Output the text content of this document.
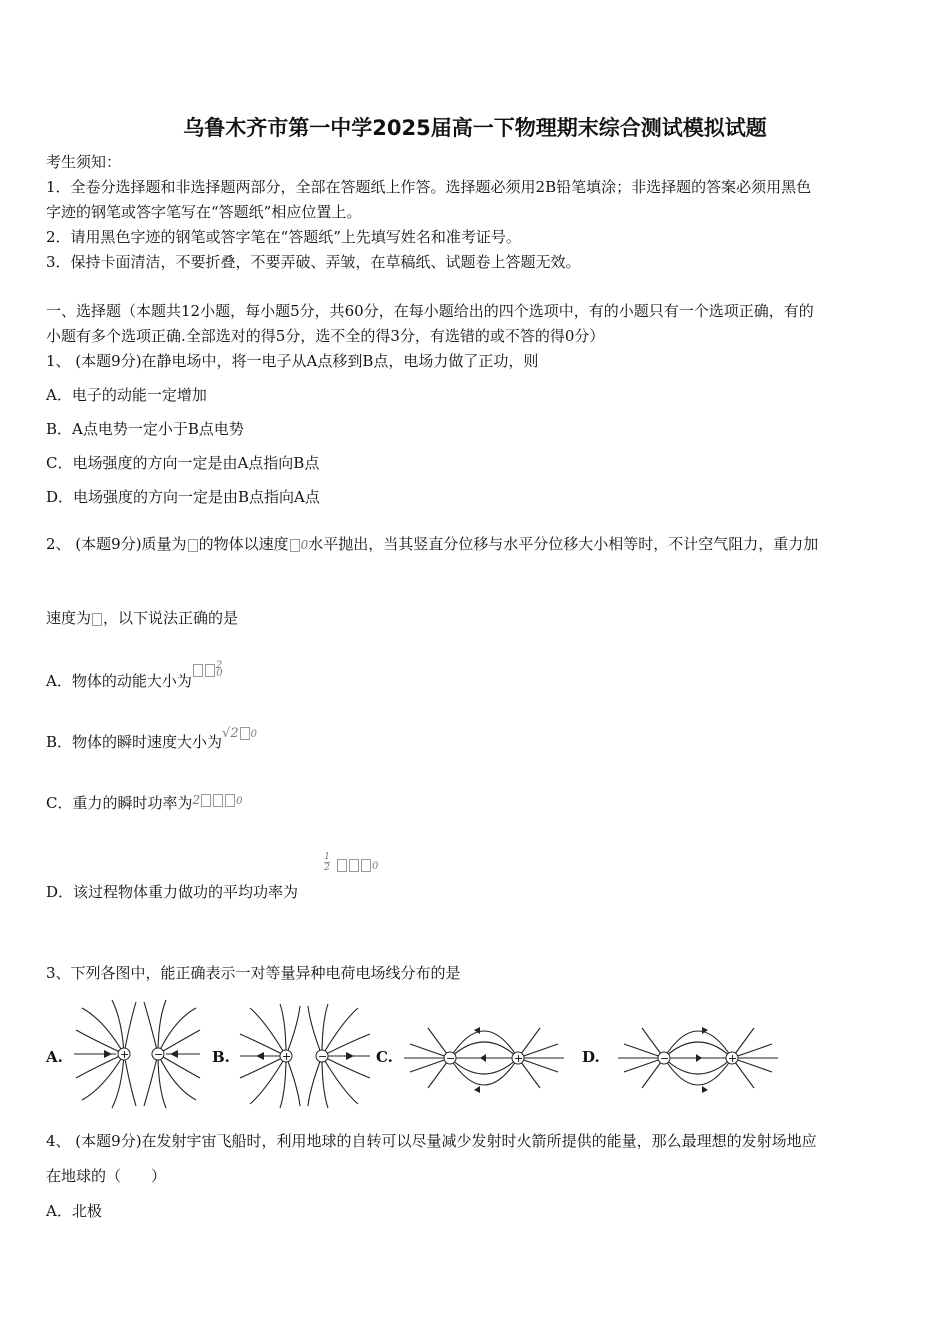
乌鲁木齐市第一中学2025届高一下物理期末综合测试模拟试题
考生须知：
1．全卷分选择题和非选择题两部分，全部在答题纸上作答。选择题必须用2B铅笔填涂；非选择题的答案必须用黑色
字迹的钢笔或答字笔写在“答题纸”相应位置上。
2．请用黑色字迹的钢笔或答字笔在“答题纸”上先填写姓名和准考证号。
3．保持卡面清洁，不要折叠，不要弄破、弄皱，在草稿纸、试题卷上答题无效。
一、选择题（本题共12小题，每小题5分，共60分，在每小题给出的四个选项中，有的小题只有一个选项正确，有的
小题有多个选项正确.全部选对的得5分，选不全的得3分，有选错的或不答的得0分）
1、 (本题9分)在静电场中，将一电子从A点移到B点，电场力做了正功，则
A．电子的动能一定增加
B．A点电势一定小于B点电势
C．电场强度的方向一定是由A点指向B点
D．电场强度的方向一定是由B点指向A点
2、 (本题9分)质量为 的物体以速度 0水平抛出，当其竖直分位移与水平分位移大小相等时，不计空气阻力，重力加
速度为 ，以下说法正确的是
A．物体的动能大小为$^2$0
B．物体的瞬时速度大小为√2 0
C．重力的瞬时功率为2	0
D．该过程物体重力做功的平均功率为
1
2	0
3、下列各图中，能正确表示一对等量异种电荷电场线分布的是
A.	B.	C.	D.
+ −	+ −	−	+	−	+
4、 (本题9分)在发射宇宙飞船时，利用地球的自转可以尽量减少发射时火箭所提供的能量，那么最理想的发射场地应
在地球的（　　）
A．北极
